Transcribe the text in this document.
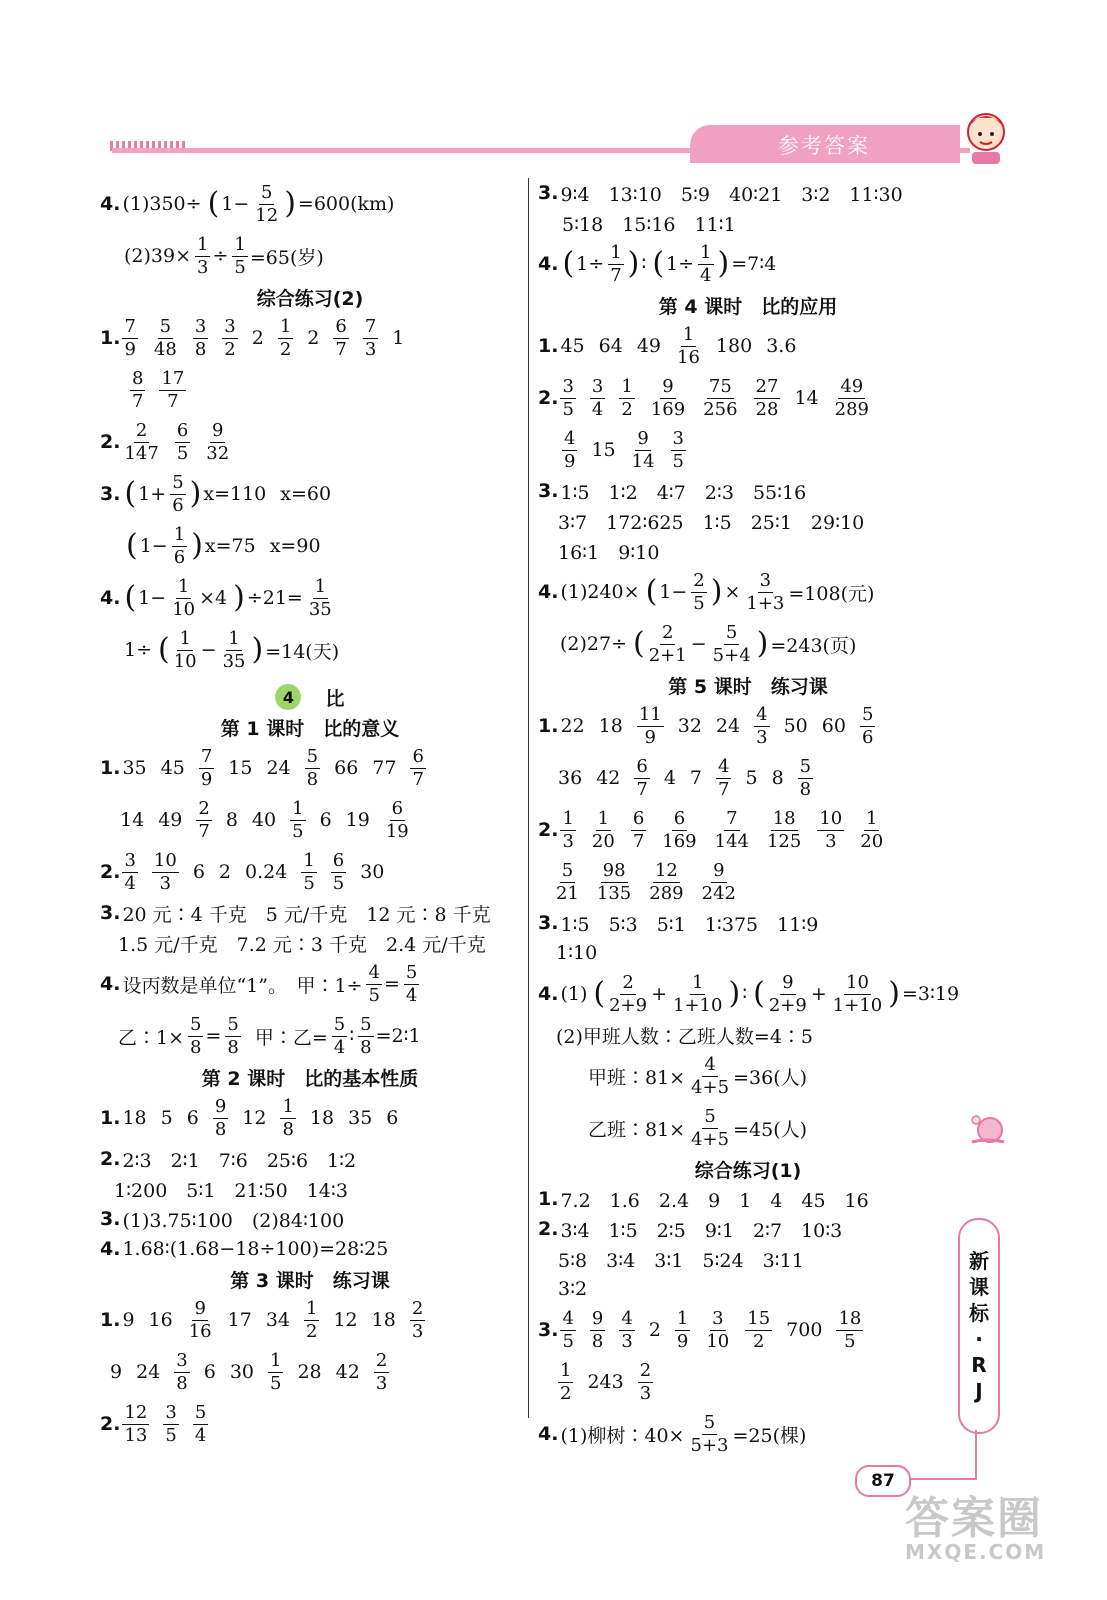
参考答案
4. (1)350÷ ( $1- \frac{5}{12}$ ) =600(km)
$(2)39\times \frac{1}{3} \div \frac{1}{5} =65$(岁)
综合练习(2)
1. $\frac{7}{9} \frac{5}{48} \frac{3}{8} \frac{3}{2} 2 \frac{1}{2} 2 \frac{6}{7} \frac{7}{3} 1$
$\frac{8}{7} \frac{17}{7}$
2. $\frac{2}{147} \frac{6}{5} \frac{9}{32}$
3. ( $1+ \frac{5}{6}$ ) x=110 x=60
( $1- \frac{1}{6}$ ) x=75 x=90
4. ( $1- \frac{1}{10} \times 4$ ) $\div 21= \frac{1}{35}$
1÷ ( $\frac{1}{10} - \frac{1}{35}$ ) =14(天)
4	比
第 1 课时　比的意义
1. 35 $45 \frac{7}{9} 15$ $24 \frac{5}{8} 66$ $77 \frac{6}{7}$
14 $49 \frac{2}{7} 8$ $40 \frac{1}{5} 6$ $19 \frac{6}{19}$
2. $\frac{3}{4} \frac{10}{3} 6$ 2 $0.24 \frac{1}{5} \frac{6}{5} 30$
3. 20 元∶4 千克　5 元/千克　12 元∶8 千克
1.5 元/千克　7.2 元∶3 千克　2.4 元/千克
4. 设丙数是单位“1”。　甲∶1÷ $\frac{4}{5} = \frac{5}{4}$
乙∶1× $\frac{5}{8} = \frac{5}{8}$ 甲∶乙= $\frac{5}{4}$ ∶ $\frac{5}{8}$ =2∶1
第 2 课时　比的基本性质
1. 18 5 $6 \frac{9}{8} 12 \frac{1}{8} 18$ 35 6
2. 2∶3　2∶1　7∶6　25∶6　1∶2
1∶200　5∶1　21∶50　14∶3
3. (1)3.75∶100　(2)84∶100
4. 1.68∶(1.68−18÷100)=28∶25
第 3 课时　练习课
1. 9 $16 \frac{9}{16} 17$ $34 \frac{1}{2} 12$ $18 \frac{2}{3}$
9 $24 \frac{3}{8} 6$ $30 \frac{1}{5} 28$ $42 \frac{2}{3}$
2. $\frac{12}{13} \frac{3}{5} \frac{5}{4}$
3. 9∶4　13∶10　5∶9　40∶21　3∶2　11∶30
5∶18　15∶16　11∶1
4. ( $1\div \frac{1}{7}$ ) ∶ ( $1\div \frac{1}{4}$ ) =7∶4
第 4 课时　比的应用
1. 45 64 $49 \frac{1}{16} 180$ 3.6
2. $\frac{3}{5} \frac{3}{4} \frac{1}{2} \frac{9}{169} \frac{75}{256} \frac{27}{28} 14 \frac{49}{289}$
$\frac{4}{9} 15 \frac{9}{14} \frac{3}{5}$
3. 1∶5　1∶2　4∶7　2∶3　55∶16
3∶7　172∶625　1∶5　25∶1　29∶10
16∶1　9∶10
4. (1)240× ( $1- \frac{2}{5}$ ) × $\frac{3}{1+3} =108$(元)
(2)27÷ ( $\frac{2}{2+1} - \frac{5}{5+4}$ ) =243(页)
第 5 课时　练习课
1. 22 $18 \frac{11}{9} 32$ $24 \frac{4}{3} 50$ $60 \frac{5}{6}$
36 $42 \frac{6}{7} 4$ $7 \frac{4}{7} 5$ $8 \frac{5}{8}$
2. $\frac{1}{3} \frac{1}{20} \frac{6}{7} \frac{6}{169} \frac{7}{144} \frac{18}{125} \frac{10}{3} \frac{1}{20}$
$\frac{5}{21} \frac{98}{135} \frac{12}{289} \frac{9}{242}$
3. 1∶5　5∶3　5∶1　1∶375　11∶9
1∶10
4. (1) ( $\frac{2}{2+9} + \frac{1}{1+10}$ ) ∶ ( $\frac{9}{2+9} + \frac{10}{1+10}$ ) =3∶19
(2)甲班人数∶乙班人数=4∶5
甲班∶81× $\frac{4}{4+5} =36$(人)
乙班∶81× $\frac{5}{4+5} =45$(人)
综合练习(1)
1. 7.2　1.6　2.4　9　1　4　45　16
2. 3∶4　1∶5　2∶5　9∶1　2∶7　10∶3
5∶8　3∶4　3∶1　5∶24　3∶11
3∶2
3. $\frac{4}{5} \frac{9}{8} \frac{4}{3} 2 \frac{1}{9} \frac{3}{10} \frac{15}{2} 700 \frac{18}{5}$
$\frac{1}{2} 243 \frac{2}{3}$
4. (1)柳树∶40× $\frac{5}{5+3} =25$(棵)
新
课
标
·
R
J
87
答案圈
MXQE.COM
